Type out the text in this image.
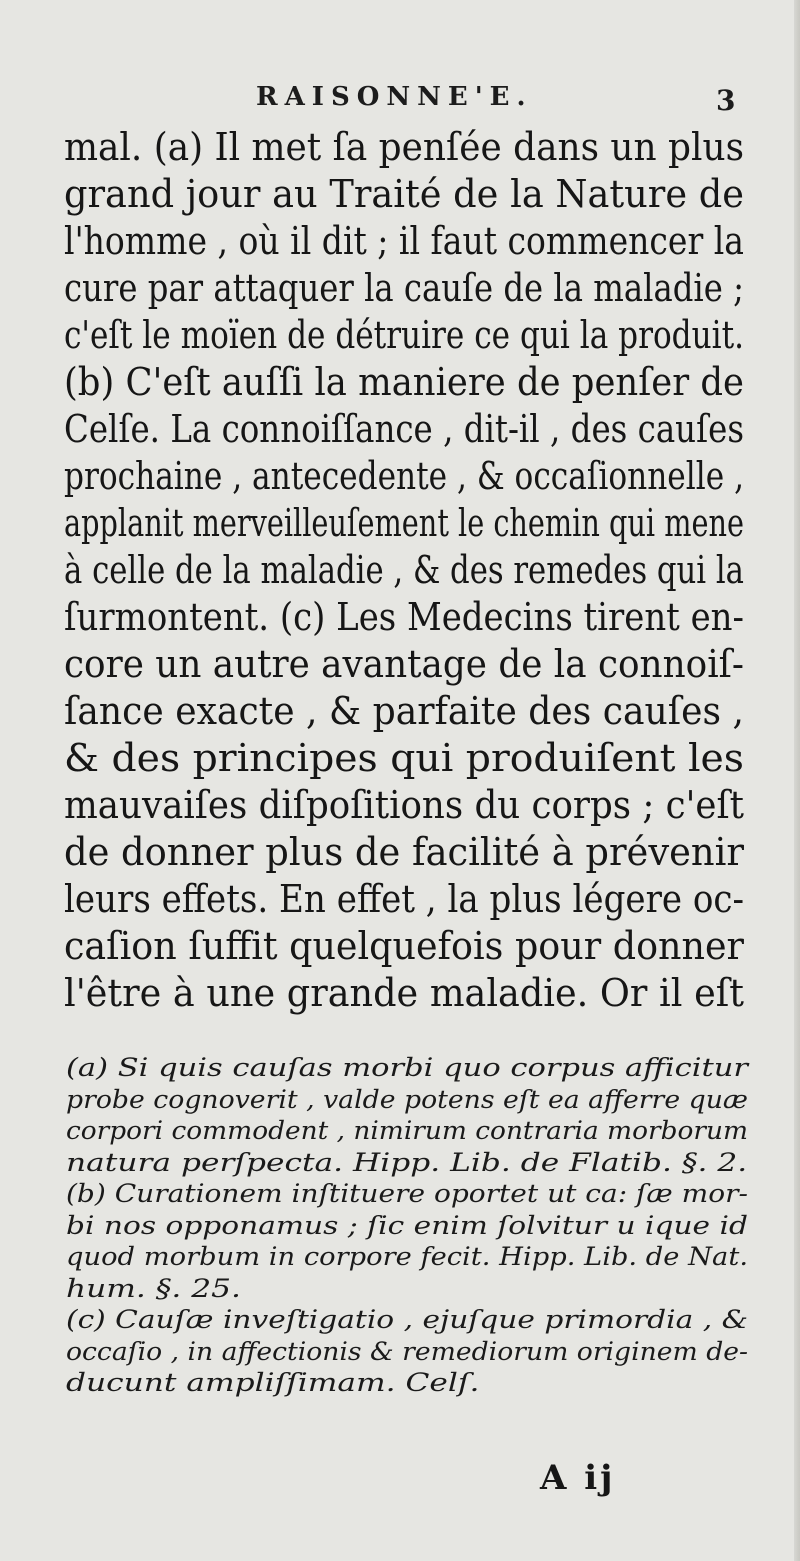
RAISONNE'E.	3
mal. (a) Il met ſa penſée dans un plus
grand jour au Traité de la Nature de
l'homme , où il dit ; il faut commencer la
cure par attaquer la cauſe de la maladie ;
c'eſt le moïen de détruire ce qui la produit.
(b) C'eſt auſſi la maniere de penſer de
Celſe. La connoiſſance , dit-il , des cauſes
prochaine , antecedente , & occaſionnelle ,
applanit merveilleuſement le chemin qui mene
à celle de la maladie , & des remedes qui la
ſurmontent. (c) Les Medecins tirent en-
core un autre avantage de la connoiſ-
ſance exacte , & parfaite des cauſes ,
& des principes qui produiſent les
mauvaiſes diſpoſitions du corps ; c'eſt
de donner plus de facilité à prévenir
leurs effets. En effet , la plus légere oc-
caſion ſuffit quelquefois pour donner
l'être à une grande maladie. Or il eſt
(a) Si quis cauſas morbi quo corpus afficitur
probe cognoverit , valde potens eſt ea afferre quæ
corpori commodent , nimirum contraria morborum
natura perſpecta. Hipp. Lib. de Flatib. §. 2.
(b) Curationem inſtituere oportet ut ca: ſæ mor-
bi nos opponamus ; ſic enim ſolvitur u ique id
quod morbum in corpore fecit. Hipp. Lib. de Nat.
hum. §. 25.
(c) Cauſæ inveſtigatio , ejuſque primordia , &
occaſio , in affectionis & remediorum originem de-
ducunt ampliſſimam. Celſ.
A ij
